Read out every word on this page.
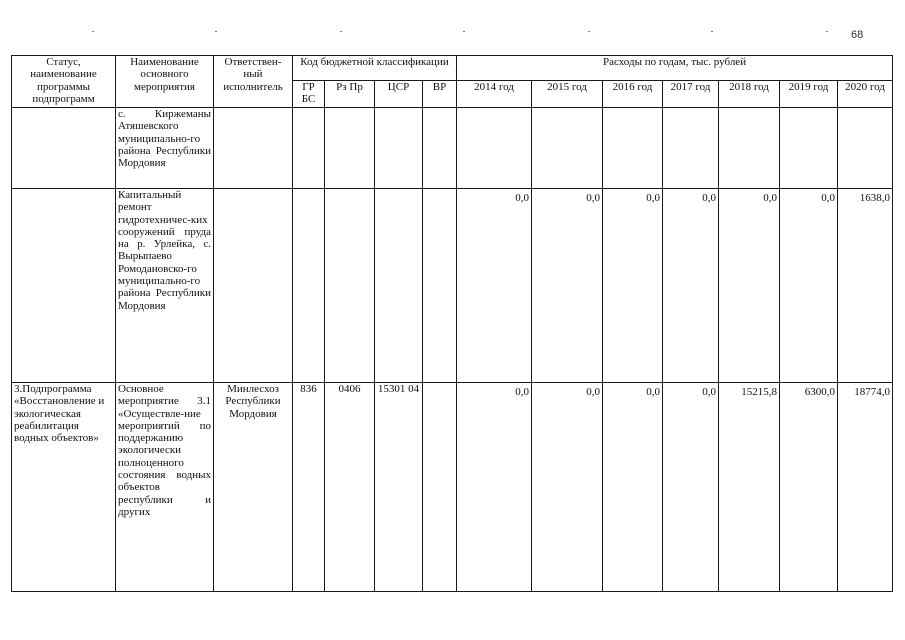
68
Статус, наименование программы подпрограмм	Наименование основного мероприятия	Ответствен-ный исполнитель	Код бюджетной классификации				Расходы по годам, тыс. рублей						
			ГР БС	Рз Пр	ЦСР	ВР	2014 год	2015 год	2016 год	2017 год	2018 год	2019 год	2020 год
	с. Киржеманы Атяшевского муниципально-го района Республики Мордовия												
	Капитальный ремонт гидротехничес-ких сооружений пруда на р. Урлейка, с. Вырыпаево Ромодановско-го муниципально-го района Республики Мордовия						0,0	0,0	0,0	0,0	0,0	0,0	1638,0
3.Подпрограмма «Восстановление и экологическая реабилитация водных объектов»	Основное мероприятие 3.1 «Осуществле-ние мероприятий по поддержанию экологически полноценного состояния водных объектов республики и других	Минлесхоз Республики Мордовия	836	0406	15301 04		0,0	0,0	0,0	0,0	15215,8	6300,0	18774,0
